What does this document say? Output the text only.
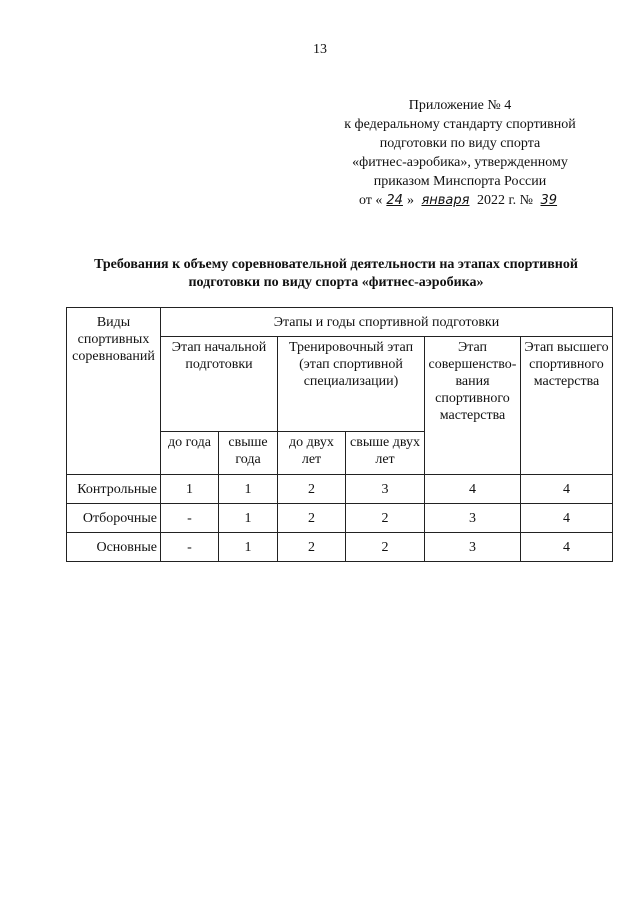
13
Приложение № 4
к федеральному стандарту спортивной
подготовки по виду спорта
«фитнес-аэробика», утвержденному
приказом Минспорта России
от « 24 » января 2022 г. № 39
Требования к объему соревновательной деятельности на этапах спортивной
подготовки по виду спорта «фитнес-аэробика»
Виды спортивных соревнований	Этапы и годы спортивной подготовки					
	Этап начальной подготовки		Тренировочный этап (этап спортивной специализации)		Этап совершенство-вания спортивного мастерства	Этап высшего спортивного мастерства
	до года	свыше года	до двух лет	свыше двух лет		
Контрольные	1	1	2	3	4	4
Отборочные	-	1	2	2	3	4
Основные	-	1	2	2	3	4
